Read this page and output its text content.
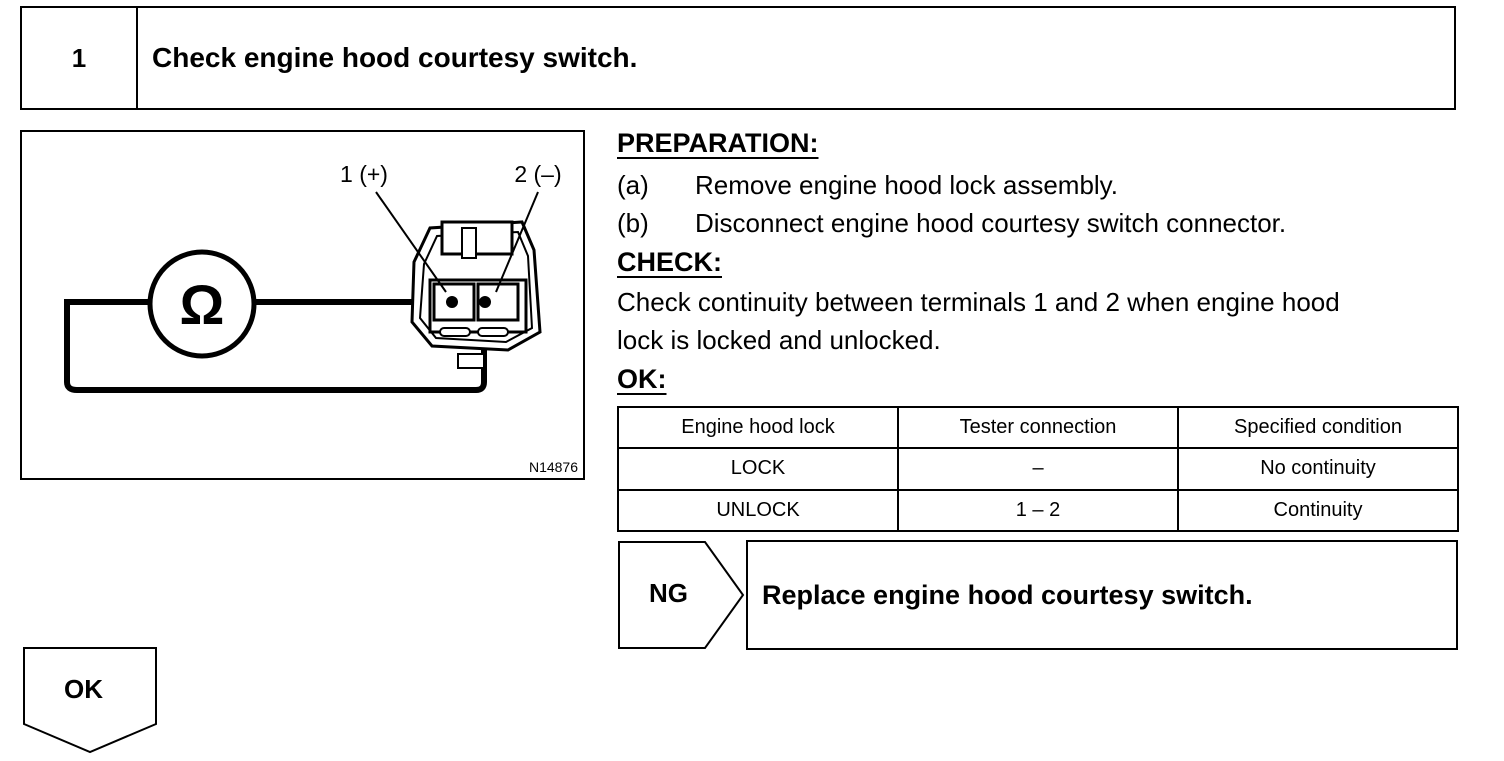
1	Check engine hood courtesy switch.
Ω
1 (+)	2 (–)
N14876
PREPARATION:
(a) Remove engine hood lock assembly.
(b) Disconnect engine hood courtesy switch connector.
CHECK:
Check continuity between terminals 1 and 2 when engine hood
lock is locked and unlocked.
OK:
Engine hood lock	Tester connection	Specified condition
LOCK	–	No continuity
UNLOCK	1 – 2	Continuity
NG	Replace engine hood courtesy switch.
OK
